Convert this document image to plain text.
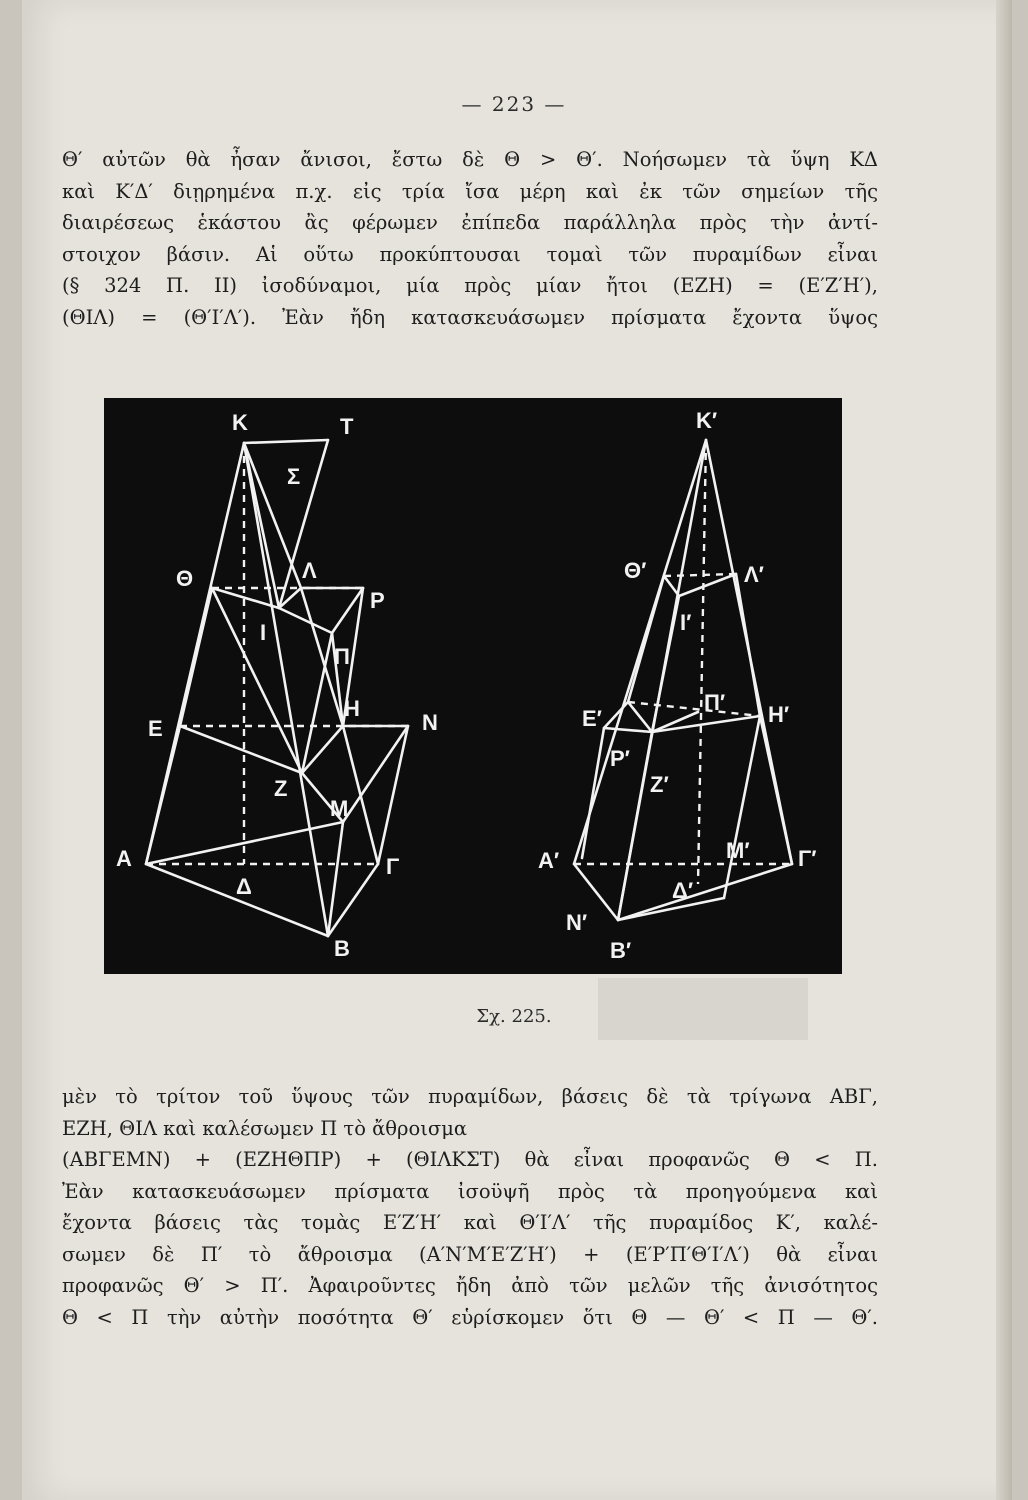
— 223 —
Θ′ αὐτῶν θὰ ἦσαν ἄνισοι, ἔστω δὲ Θ > Θ′. Νοήσωμεν τὰ ὕψη ΚΔ
καὶ Κ′Δ′ διῃρημένα π.χ. εἰς τρία ἴσα μέρη καὶ ἐκ τῶν σημείων τῆς
διαιρέσεως ἑκάστου ἂς φέρωμεν ἐπίπεδα παράλληλα πρὸς τὴν ἀντί-
στοιχον βάσιν. Αἱ οὕτω προκύπτουσαι τομαὶ τῶν πυραμίδων εἶναι
(§ 324 Π. ΙΙ) ἰσοδύναμοι, μία πρὸς μίαν ἤτοι (ΕΖΗ) = (Ε′Ζ′Η′),
(ΘΙΛ) = (Θ′Ι′Λ′). Ἐὰν ἤδη κατασκευάσωμεν πρίσματα ἔχοντα ὕψος
Κ	Τ
Σ
Θ	Λ
Ρ
Ι
Π
Ε
Η
Ν
Ζ
Μ
Α
Δ
Γ
Β
Κ′
Θ′	Λ′
Ι′
Ε′
Π′ Η′
Ρ′
Ζ′
Α′	Μ′ Γ′
Δ′
Ν′
Β′
Σχ. 225.
μὲν τὸ τρίτον τοῦ ὕψους τῶν πυραμίδων, βάσεις δὲ τὰ τρίγωνα ΑΒΓ,
ΕΖΗ, ΘΙΛ καὶ καλέσωμεν Π τὸ ἄθροισμα
(ΑΒΓΕΜΝ) + (ΕΖΗΘΠΡ) + (ΘΙΛΚΣΤ) θὰ εἶναι προφανῶς Θ < Π.
Ἐὰν κατασκευάσωμεν πρίσματα ἰσοϋψῆ πρὸς τὰ προηγούμενα καὶ
ἔχοντα βάσεις τὰς τομὰς Ε′Ζ′Η′ καὶ Θ′Ι′Λ′ τῆς πυραμίδος Κ′, καλέ-
σωμεν δὲ Π′ τὸ ἄθροισμα (Α′Ν′Μ′Ε′Ζ′Η′) + (Ε′Ρ′Π′Θ′Ι′Λ′) θὰ εἶναι
προφανῶς Θ′ > Π′. Ἀφαιροῦντες ἤδη ἀπὸ τῶν μελῶν τῆς ἀνισότητος
Θ < Π τὴν αὐτὴν ποσότητα Θ′ εὑρίσκομεν ὅτι Θ — Θ′ < Π — Θ′.
